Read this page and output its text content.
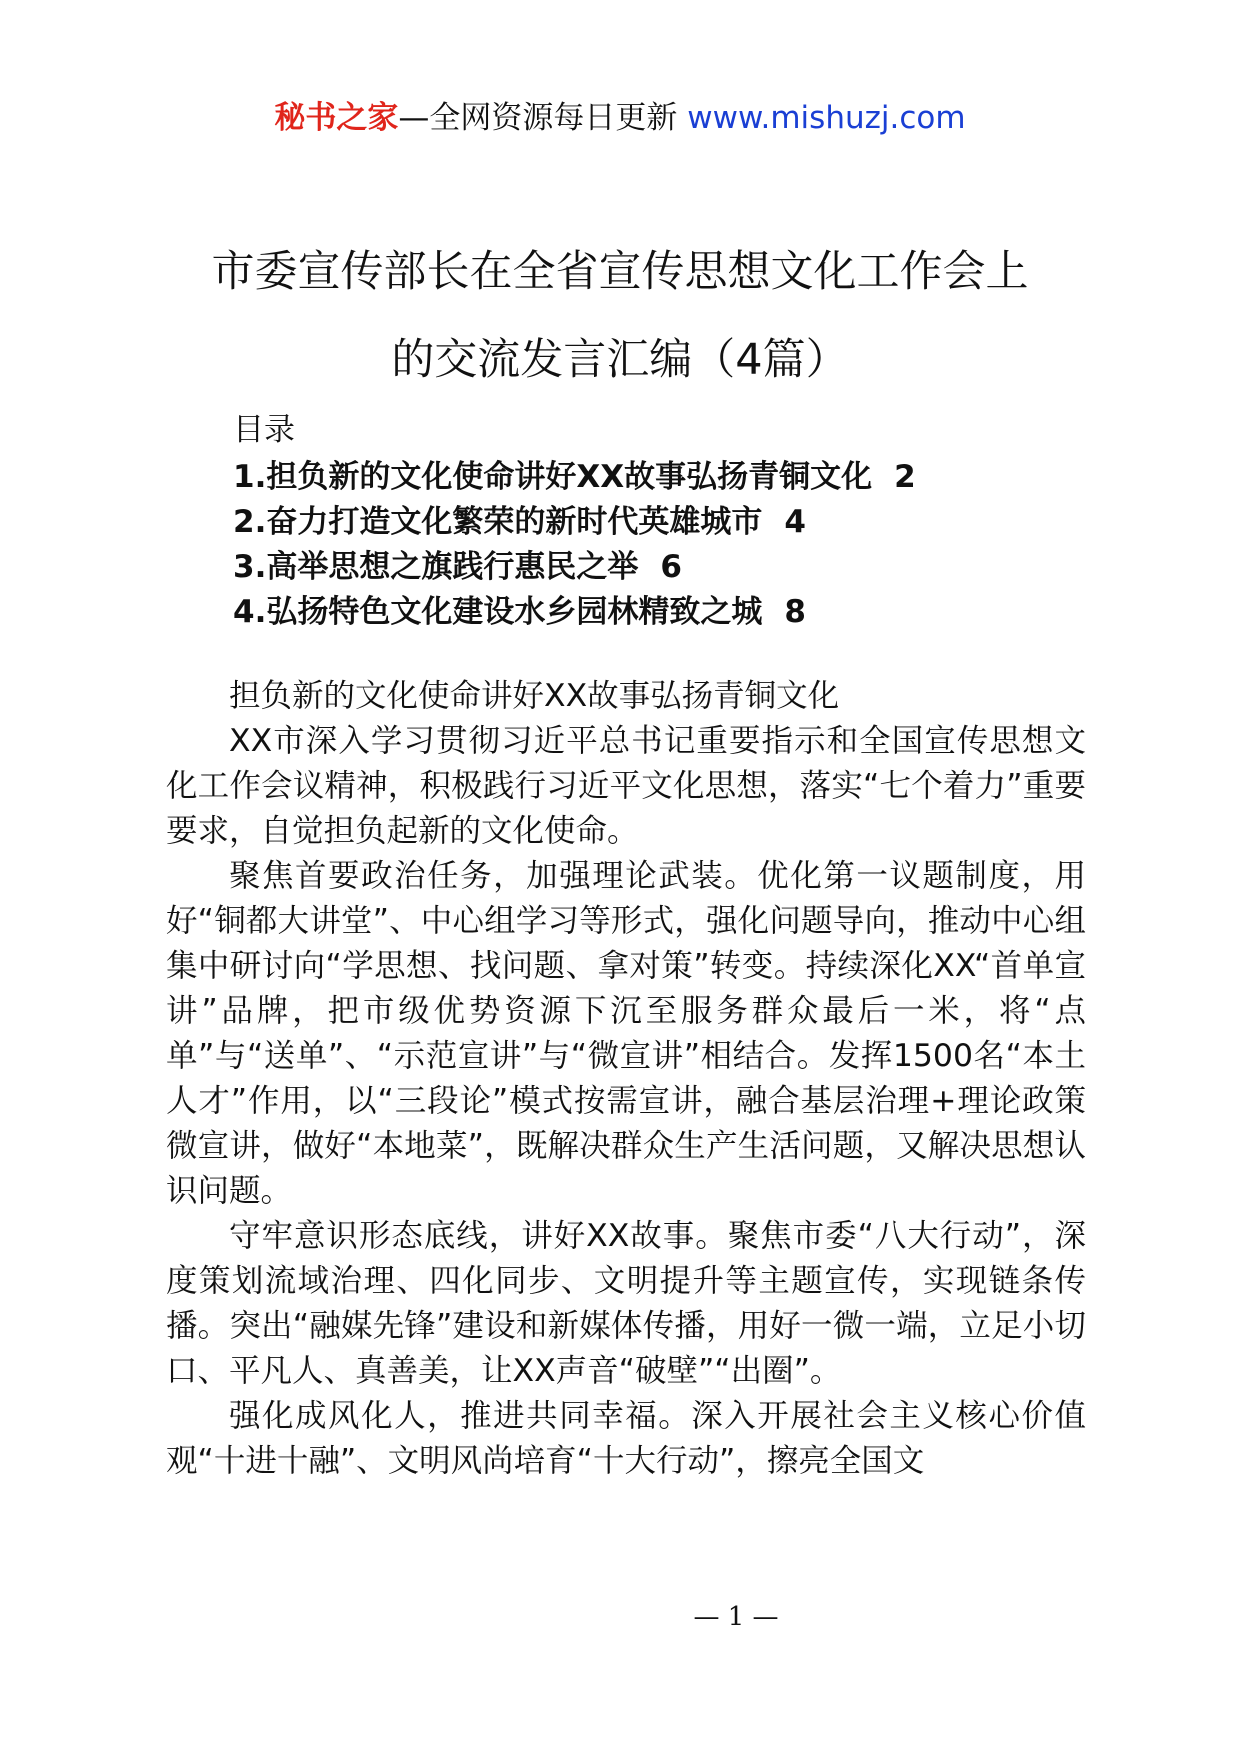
秘书之家—全网资源每日更新 www.mishuzj.com
市委宣传部长在全省宣传思想文化工作会上
的交流发言汇编（4篇）
目录
1.担负新的文化使命讲好XX故事弘扬青铜文化 2
2.奋力打造文化繁荣的新时代英雄城市 4
3.高举思想之旗践行惠民之举 6
4.弘扬特色文化建设水乡园林精致之城 8

担负新的文化使命讲好XX故事弘扬青铜文化

XX市深入学习贯彻习近平总书记重要指示和全国宣传思想文化工作会议精神，积极践行习近平文化思想，落实“七个着力”重要要求，自觉担负起新的文化使命。

聚焦首要政治任务，加强理论武装。优化第一议题制度，用好“铜都大讲堂”、中心组学习等形式，强化问题导向，推动中心组集中研讨向“学思想、找问题、拿对策”转变。持续深化XX“首单宣讲”品牌，把市级优势资源下沉至服务群众最后一米，将“点单”与“送单”、“示范宣讲”与“微宣讲”相结合。发挥1500名“本土人才”作用，以“三段论”模式按需宣讲，融合基层治理+理论政策微宣讲，做好“本地菜”，既解决群众生产生活问题，又解决思想认识问题。

守牢意识形态底线，讲好XX故事。聚焦市委“八大行动”，深度策划流域治理、四化同步、文明提升等主题宣传，实现链条传播。突出“融媒先锋”建设和新媒体传播，用好一微一端，立足小切口、平凡人、真善美，让XX声音“破壁”“出圈”。

强化成风化人，推进共同幸福。深入开展社会主义核心价值观“十进十融”、文明风尚培育“十大行动”，擦亮全国文

— 1 —
